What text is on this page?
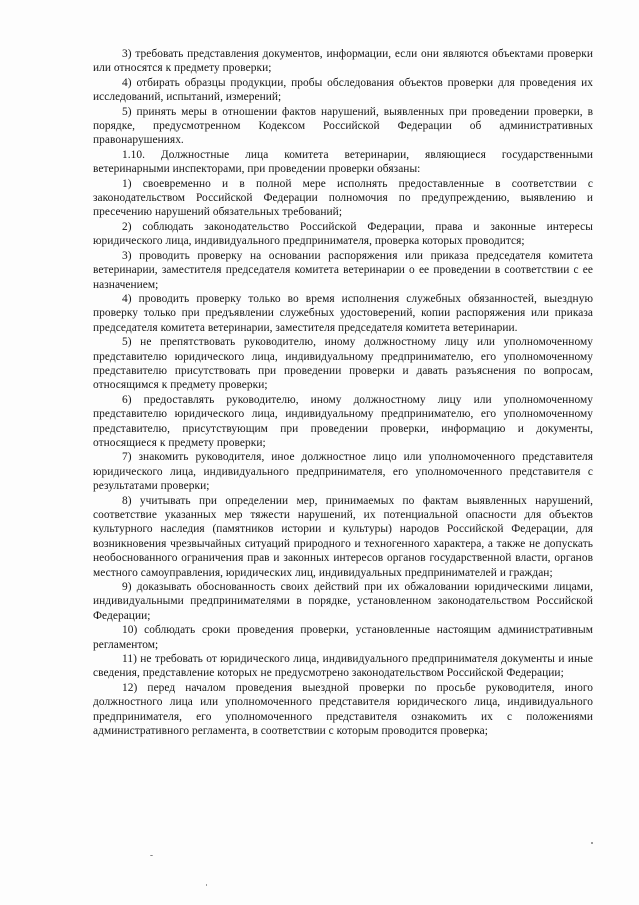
3) требовать представления документов, информации, если они являются объектами проверки или относятся к предмету проверки;

4) отбирать образцы продукции, пробы обследования объектов проверки для проведения их исследований, испытаний, измерений;

5) принять меры в отношении фактов нарушений, выявленных при проведении проверки, в порядке, предусмотренном Кодексом Российской Федерации об административных правонарушениях.

1.10. Должностные лица комитета ветеринарии, являющиеся государственными ветеринарными инспекторами, при проведении проверки обязаны:

1) своевременно и в полной мере исполнять предоставленные в соответствии с законодательством Российской Федерации полномочия по предупреждению, выявлению и пресечению нарушений обязательных требований;

2) соблюдать законодательство Российской Федерации, права и законные интересы юридического лица, индивидуального предпринимателя, проверка которых проводится;

3) проводить проверку на основании распоряжения или приказа председателя комитета ветеринарии, заместителя председателя комитета ветеринарии о ее проведении в соответствии с ее назначением;

4) проводить проверку только во время исполнения служебных обязанностей, выездную проверку только при предъявлении служебных удостоверений, копии распоряжения или приказа председателя комитета ветеринарии, заместителя председателя комитета ветеринарии.

5) не препятствовать руководителю, иному должностному лицу или уполномоченному представителю юридического лица, индивидуальному предпринимателю, его уполномоченному представителю присутствовать при проведении проверки и давать разъяснения по вопросам, относящимся к предмету проверки;

6) предоставлять руководителю, иному должностному лицу или уполномоченному представителю юридического лица, индивидуальному предпринимателю, его уполномоченному представителю, присутствующим при проведении проверки, информацию и документы, относящиеся к предмету проверки;

7) знакомить руководителя, иное должностное лицо или уполномоченного представителя юридического лица, индивидуального предпринимателя, его уполномоченного представителя с результатами проверки;

8) учитывать при определении мер, принимаемых по фактам выявленных нарушений, соответствие указанных мер тяжести нарушений, их потенциальной опасности для объектов культурного наследия (памятников истории и культуры) народов Российской Федерации, для возникновения чрезвычайных ситуаций природного и техногенного характера, а также не допускать необоснованного ограничения прав и законных интересов органов государственной власти, органов местного самоуправления, юридических лиц, индивидуальных предпринимателей и граждан;

9) доказывать обоснованность своих действий при их обжаловании юридическими лицами, индивидуальными предпринимателями в порядке, установленном законодательством Российской Федерации;

10) соблюдать сроки проведения проверки, установленные настоящим административным регламентом;

11) не требовать от юридического лица, индивидуального предпринимателя документы и иные сведения, представление которых не предусмотрено законодательством Российской Федерации;

12) перед началом проведения выездной проверки по просьбе руководителя, иного должностного лица или уполномоченного представителя юридического лица, индивидуального предпринимателя, его уполномоченного представителя ознакомить их с положениями административного регламента, в соответствии с которым проводится проверка;
